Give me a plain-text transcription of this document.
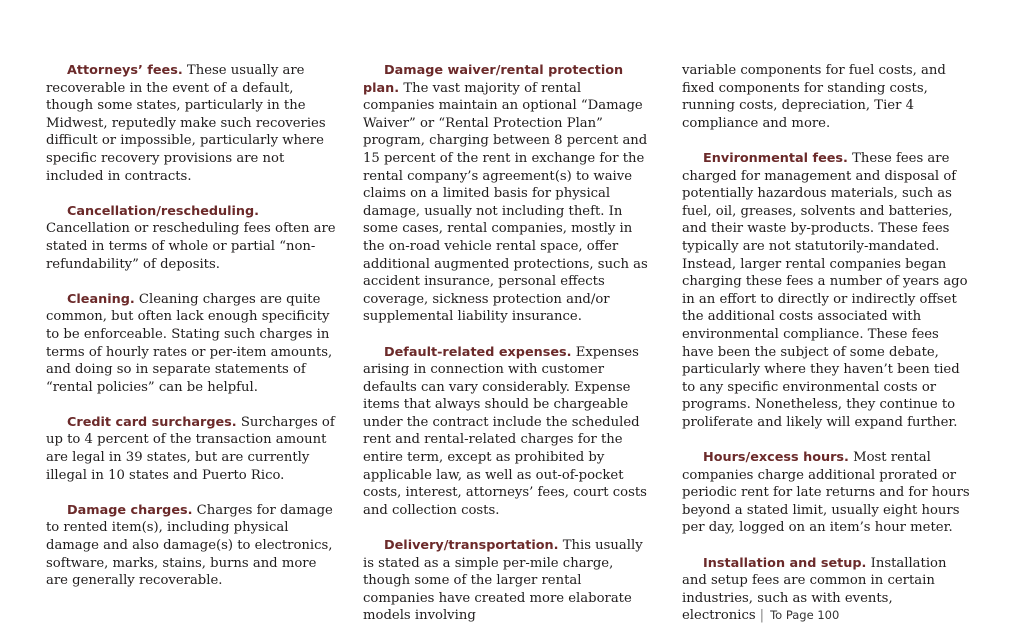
Attorneys’ fees. These usually are recoverable in the event of a default, though some states, particularly in the Midwest, reputedly make such recoveries difficult or impossible, particularly where specific recovery provisions are not included in contracts.

Cancellation/rescheduling.
Cancellation or rescheduling fees often are stated in terms of whole or partial “non-refundability” of deposits.

Cleaning. Cleaning charges are quite common, but often lack enough specificity to be enforceable. Stating such charges in terms of hourly rates or per-item amounts, and doing so in separate statements of “rental policies” can be helpful.

Credit card surcharges. Surcharges of up to 4 percent of the transaction amount are legal in 39 states, but are currently illegal in 10 states and Puerto Rico.

Damage charges. Charges for damage to rented item(s), including physical damage and also damage(s) to electronics, software, marks, stains, burns and more are generally recoverable.

Damage waiver/rental protection plan. The vast majority of rental companies maintain an optional “Damage Waiver” or “Rental Protection Plan” program, charging between 8 percent and 15 percent of the rent in exchange for the rental company’s agreement(s) to waive claims on a limited basis for physical damage, usually not including theft. In some cases, rental companies, mostly in the on-road vehicle rental space, offer additional augmented protections, such as accident insurance, personal effects coverage, sickness protection and/or supplemental liability insurance.

Default-related expenses. Expenses arising in connection with customer defaults can vary considerably. Expense items that always should be chargeable under the contract include the scheduled rent and rental-related charges for the entire term, except as prohibited by applicable law, as well as out-of-pocket costs, interest, attorneys’ fees, court costs and collection costs.

Delivery/transportation. This usually is stated as a simple per-mile charge, though some of the larger rental companies have created more elaborate models involving

variable components for fuel costs, and fixed components for standing costs, running costs, depreciation, Tier 4 compliance and more.

Environmental fees. These fees are charged for management and disposal of potentially hazardous materials, such as fuel, oil, greases, solvents and batteries, and their waste by-products. These fees typically are not statutorily-mandated. Instead, larger rental companies began charging these fees a number of years ago in an effort to directly or indirectly offset the additional costs associated with environmental compliance. These fees have been the subject of some debate, particularly where they haven’t been tied to any specific environmental costs or programs. Nonetheless, they continue to proliferate and likely will expand further.

Hours/excess hours. Most rental companies charge additional prorated or periodic rent for late returns and for hours beyond a stated limit, usually eight hours per day, logged on an item’s hour meter.

Installation and setup. Installation and setup fees are common in certain industries, such as with events, electronics | To Page 100
